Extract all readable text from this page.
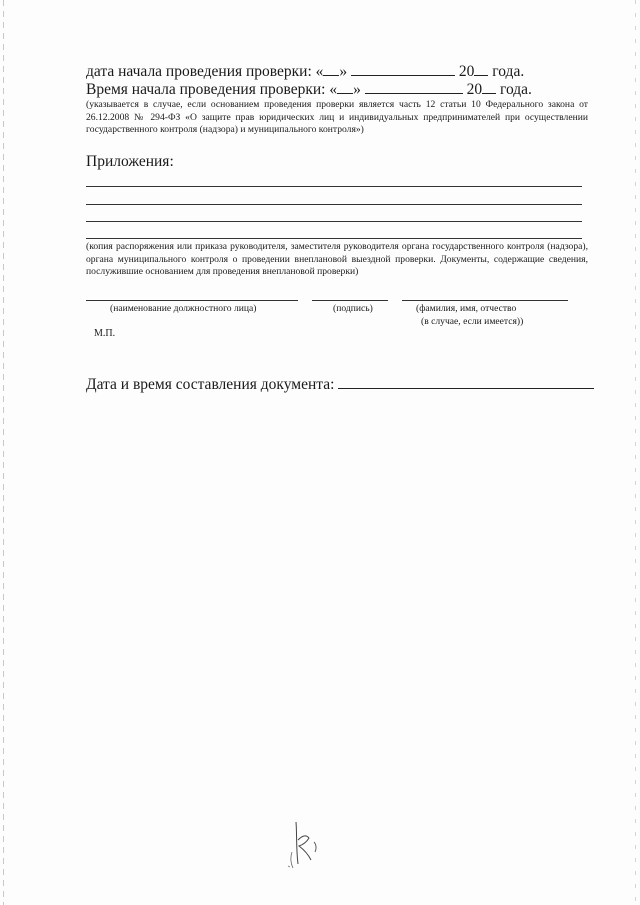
дата начала проведения проверки: « »	20 года.
Время начала проведения проверки: « »	20 года.

(указывается в случае, если основанием проведения проверки является часть 12 статьи 10 Федерального закона от 26.12.2008 № 294-ФЗ «О защите прав юридических лиц и индивидуальных предпринимателей при осуществлении государственного контроля (надзора) и муниципального контроля»)

Приложения:

(копия распоряжения или приказа руководителя, заместителя руководителя органа государственного контроля (надзора), органа муниципального контроля о проведении внеплановой выездной проверки. Документы, содержащие сведения, послужившие основанием для проведения внеплановой проверки)

(наименование должностного лица)	(подпись)	(фамилия, имя, отчество
(в случае, если имеется))
М.П.
Дата и время составления документа:
